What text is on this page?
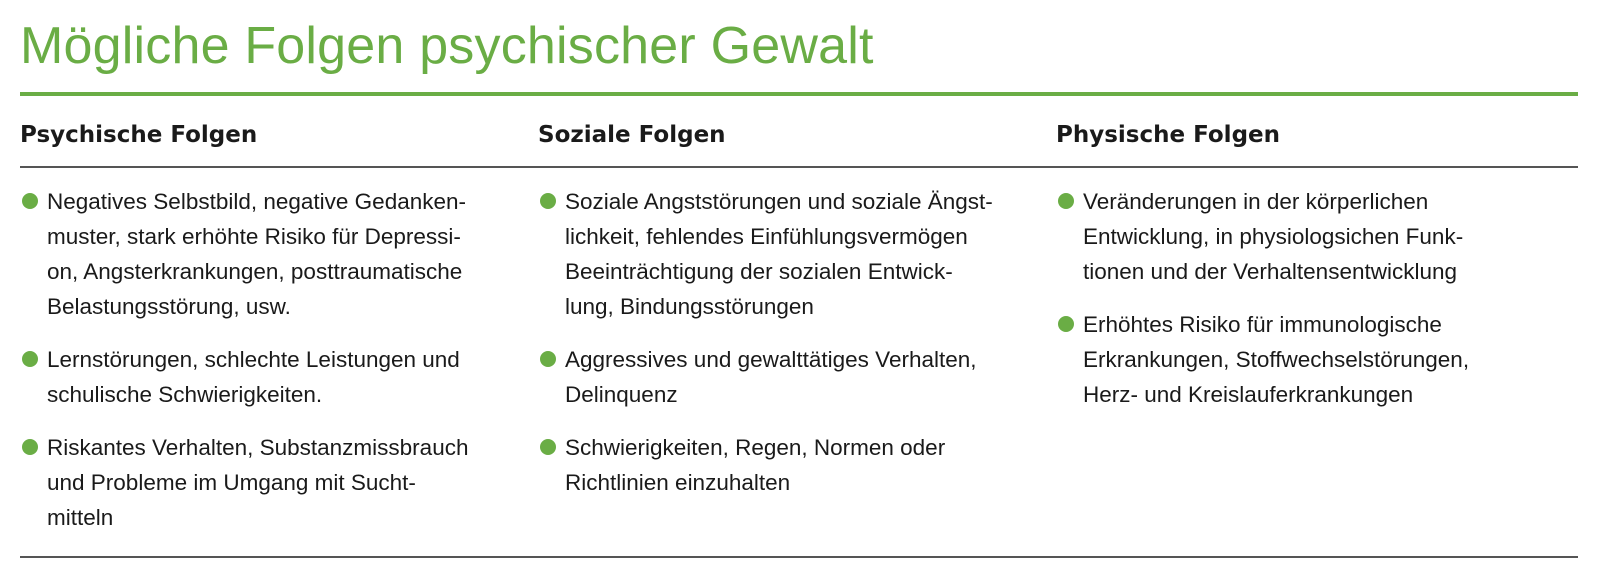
Mögliche Folgen psychischer Gewalt
Psychische Folgen
Negatives Selbstbild, negative Gedanken-
muster, stark erhöhte Risiko für Depressi-
on, Angsterkrankungen, posttraumatische
Belastungsstörung, usw.
Lernstörungen, schlechte Leistungen und
schulische Schwierigkeiten.
Riskantes Verhalten, Substanzmissbrauch
und Probleme im Umgang mit Sucht-
mitteln
Soziale Folgen
Soziale Angststörungen und soziale Ängst-
lichkeit, fehlendes Einfühlungsvermögen
Beeinträchtigung der sozialen Entwick-
lung, Bindungsstörungen
Aggressives und gewalttätiges Verhalten,
Delinquenz
Schwierigkeiten, Regen, Normen oder
Richtlinien einzuhalten
Physische Folgen
Veränderungen in der körperlichen
Entwicklung, in physiologsichen Funk-
tionen und der Verhaltensentwicklung
Erhöhtes Risiko für immunologische
Erkrankungen, Stoffwechselstörungen,
Herz- und Kreislauferkrankungen
